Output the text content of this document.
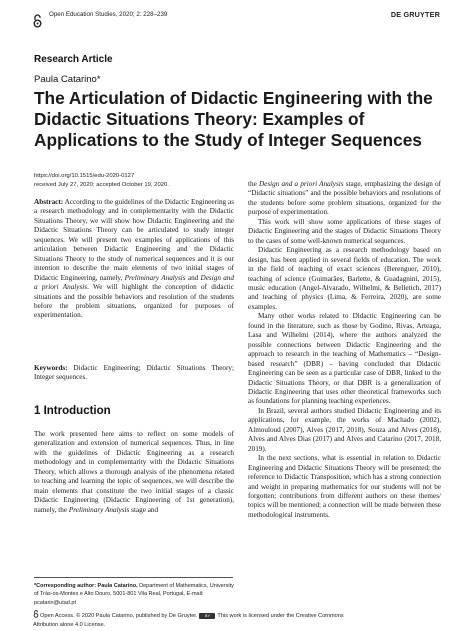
Open Education Studies, 2020; 2: 228–239	DE GRUYTER
Research Article
Paula Catarino*
The Articulation of Didactic Engineering with the Didactic Situations Theory: Examples of Applications to the Study of Integer Sequences
https://doi.org/10.1515/edu-2020-0127
received July 27, 2020; accepted October 19, 2020.

Abstract: According to the guidelines of the Didactic Engineering as a research methodology and in complementarity with the Didactic Situations Theory, we will show how Didactic Engineering and the Didactic Situations Theory can be articulated to study integer sequences. We will present two examples of applications of this articulation between Didactic Engineering and the Didactic Situations Theory to the study of numerical sequences and it is our intention to describe the main elements of two initial stages of Didactic Engineering, namely, Preliminary Analysis and Design and a priori Analysis. We will highlight the conception of didactic situations and the possible behaviors and resolution of the students before the problem situations, organized for purposes of experimentation.

Keywords: Didactic Engineering; Didactic Situations Theory; Integer sequences.

1 Introduction

The work presented here aims to reflect on some models of generalization and extension of numerical sequences. Thus, in line with the guidelines of Didactic Engineering as a research methodology and in complementarity with the Didactic Situations Theory, which allows a thorough analysis of the phenomena related to teaching and learning the topic of sequences, we will describe the main elements that constitute the two initial stages of a classic Didactic Engineering (Didactic Engineering of 1st generation), namely, the Preliminary Analysis stage and

*Corresponding author: Paula Catarino, Department of Mathematics, University of Trás-os-Montes e Alto Douro, 5001-801 Vila Real, Portugal, E-mail: pcatarin@utad.pt

the Design and a priori Analysis stage, emphasizing the design of “Didactic situations” and the possible behaviors and resolutions of the students before some problem situations, organized for the purpose of experimentation.

This work will show some applications of these stages of Didactic Engineering and the stages of Didactic Situations Theory to the cases of some well-known numerical sequences.

Didactic Engineering as a research methodology based on design, has been applied in several fields of education. The work in the field of teaching of exact sciences (Berenguer, 2010), teaching of science (Guimarães, Barlette, & Guadagnini, 2015), music education (Angel-Alvarado, Wilhelmi, & Belletich, 2017) and teaching of physics (Lima, & Ferreira, 2020), are some examples.

Many other works related to Didactic Engineering can be found in the literature, such as those by Godino, Rivas, Arteaga, Lasa and Wilhelmi (2014), where the authors analyzed the possible connections between Didactic Engineering and the approach to research in the teaching of Mathematics – “Design-based research” (DBR) – having concluded that Didactic Engineering can be seen as a particular case of DBR, linked to the Didactic Situations Theory, or that DBR is a generalization of Didactic Engineering that uses other theoretical frameworks such as foundations for planning teaching experiences.

In Brazil, several authors studied Didactic Engineering and its applications, for example, the works of Machado (2002), Almouloud (2007), Alves (2017, 2018), Souza and Alves (2018), Alves and Alves Dias (2017) and Alves and Catarino (2017, 2018, 2019).

In the next sections, what is essential in relation to Didactic Engineering and Didactic Situations Theory will be presented; the reference to Didactic Transposition, which has a strong connection and weight in preparing mathematics for our students will not be forgotten; contributions from different authors on these themes/ topics will be mentioned; a connection will be made between these methodological instruments.

Open Access. © 2020 Paula Catarino, published by De Gruyter. BY This work is licensed under the Creative Commons
Attribution alone 4.0 License.
